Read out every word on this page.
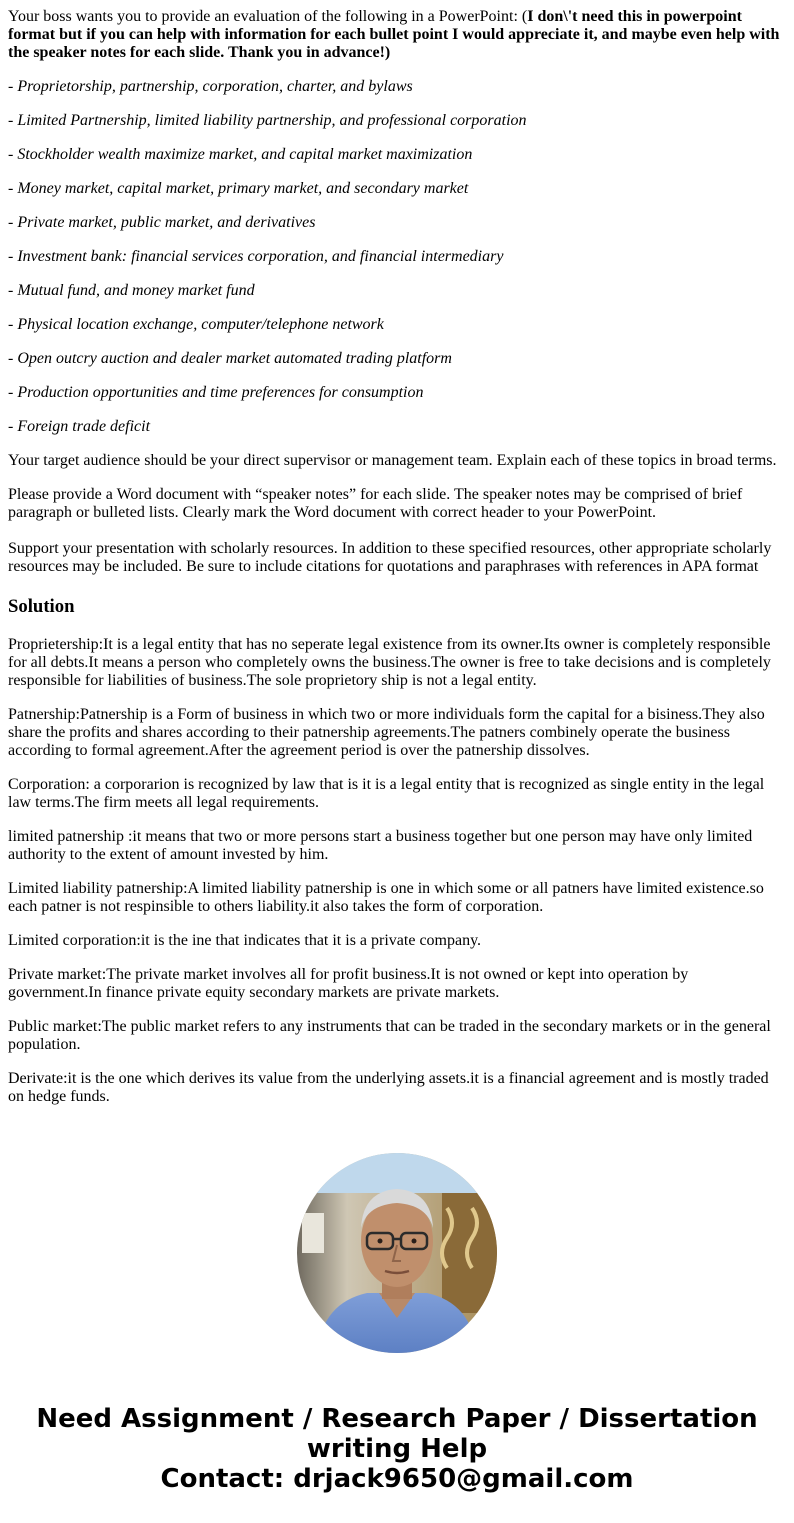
Your boss wants you to provide an evaluation of the following in a PowerPoint: (I don\'t need this in powerpoint format but if you can help with information for each bullet point I would appreciate it, and maybe even help with the speaker notes for each slide. Thank you in advance!)

- Proprietorship, partnership, corporation, charter, and bylaws

- Limited Partnership, limited liability partnership, and professional corporation

- Stockholder wealth maximize market, and capital market maximization

- Money market, capital market, primary market, and secondary market

- Private market, public market, and derivatives

- Investment bank: financial services corporation, and financial intermediary

- Mutual fund, and money market fund

- Physical location exchange, computer/telephone network

- Open outcry auction and dealer market automated trading platform

- Production opportunities and time preferences for consumption

- Foreign trade deficit

Your target audience should be your direct supervisor or management team. Explain each of these topics in broad terms.

Please provide a Word document with “speaker notes” for each slide. The speaker notes may be comprised of brief paragraph or bulleted lists. Clearly mark the Word document with correct header to your PowerPoint.

Support your presentation with scholarly resources. In addition to these specified resources, other appropriate scholarly resources may be included. Be sure to include citations for quotations and paraphrases with references in APA format

Solution

Proprietership:It is a legal entity that has no seperate legal existence from its owner.Its owner is completely responsible for all debts.It means a person who completely owns the business.The owner is free to take decisions and is completely responsible for liabilities of business.The sole proprietory ship is not a legal entity.

Patnership:Patnership is a Form of business in which two or more individuals form the capital for a bisiness.They also share the profits and shares according to their patnership agreements.The patners combinely operate the business according to formal agreement.After the agreement period is over the patnership dissolves.

Corporation: a corporarion is recognized by law that is it is a legal entity that is recognized as single entity in the legal law terms.The firm meets all legal requirements.

limited patnership :it means that two or more persons start a business together but one person may have only limited authority to the extent of amount invested by him.

Limited liability patnership:A limited liability patnership is one in which some or all patners have limited existence.so each patner is not respinsible to others liability.it also takes the form of corporation.

Limited corporation:it is the ine that indicates that it is a private company.

Private market:The private market involves all for profit business.It is not owned or kept into operation by government.In finance private equity secondary markets are private markets.

Public market:The public market refers to any instruments that can be traded in the secondary markets or in the general population.

Derivate:it is the one which derives its value from the underlying assets.it is a financial agreement and is mostly traded on hedge funds.

Need Assignment / Research Paper / Dissertation writing Help
Contact: drjack9650@gmail.com
